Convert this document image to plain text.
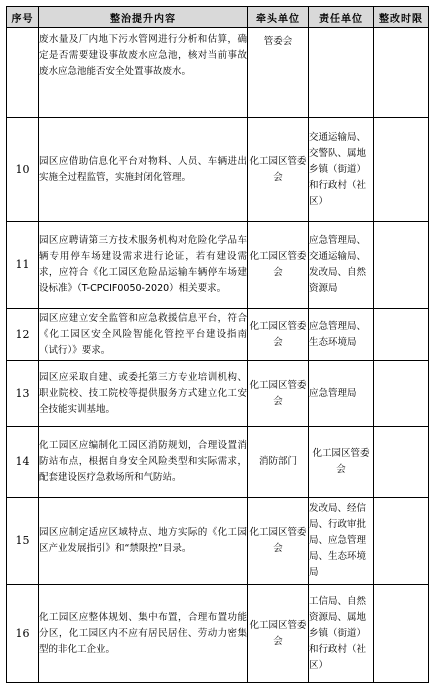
序号	整治提升内容	牵头单位	责任单位	整改时限
	废水量及厂内地下污水管网进行分析和估算，确定是否需要建设事故废水应急池，核对当前事故废水应急池能否安全处置事故废水。	管委会		
10	园区应借助信息化平台对物料、人员、车辆进出实施全过程监管，实施封闭化管理。	化工园区管委会	交通运输局、交警队、属地乡镇（街道）和行政村（社区）	
11	园区应聘请第三方技术服务机构对危险化学品车辆专用停车场建设需求进行论证，若有建设需求，应符合《化工园区危险品运输车辆停车场建设标准》（T-CPCIF0050-2020）相关要求。	化工园区管委会	应急管理局、交通运输局、发改局、自然资源局	
12	园区应建立安全监管和应急救援信息平台，符合《化工园区安全风险智能化管控平台建设指南（试行）》要求。	化工园区管委会	应急管理局、生态环境局	
13	园区应采取自建、或委托第三方专业培训机构、职业院校、技工院校等提供服务方式建立化工安全技能实训基地。	化工园区管委会	应急管理局	
14	化工园区应编制化工园区消防规划，合理设置消防站布点，根据自身安全风险类型和实际需求，配套建设医疗急救场所和气防站。	消防部门	化工园区管委会	
15	园区应制定适应区域特点、地方实际的《化工园区产业发展指引》和“禁限控”目录。	化工园区管委会	发改局、经信局、行政审批局、应急管理局、生态环境局	
16	化工园区应整体规划、集中布置，合理布置功能分区，化工园区内不应有居民居住、劳动力密集型的非化工企业。	化工园区管委会	工信局、自然资源局、属地乡镇（街道）和行政村（社区）	
